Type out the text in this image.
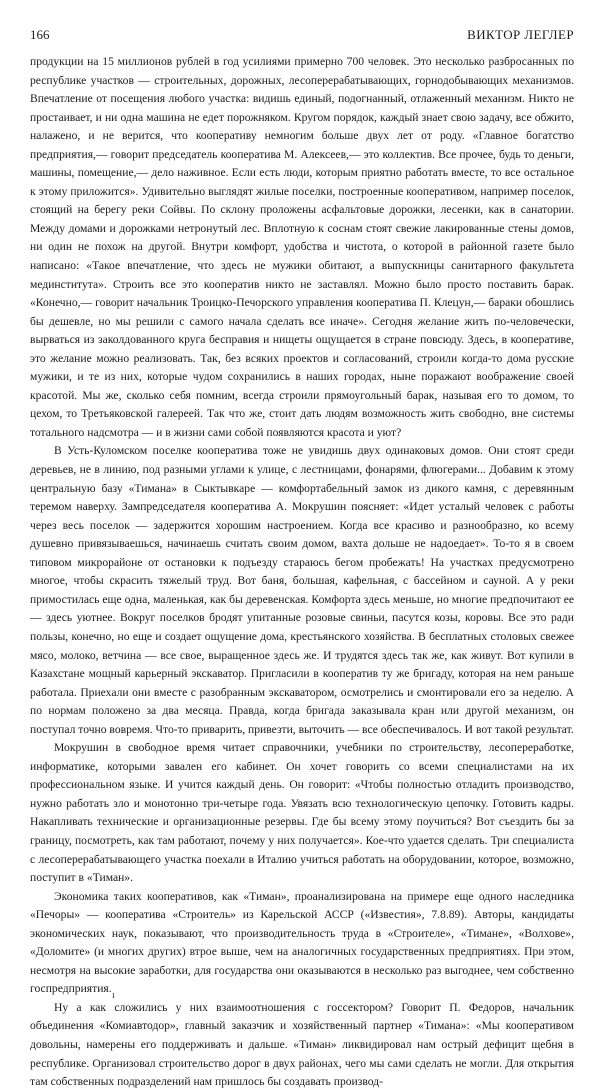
166	ВИКТОР ЛЕГЛЕР

продукции на 15 миллионов рублей в год усилиями примерно 700 человек. Это несколько разбросанных по республике участков — строительных, дорожных, лесоперерабатывающих, горнодобывающих механизмов. Впечатление от посещения любого участка: видишь единый, подогнанный, отлаженный механизм. Никто не простаивает, и ни одна машина не едет порожняком. Кругом порядок, каждый знает свою задачу, все обжито, налажено, и не верится, что кооперативу немногим больше двух лет от роду. «Главное богатство предприятия,— говорит председатель кооператива М. Алексеев,— это коллектив. Все прочее, будь то деньги, машины, помещение,— дело наживное. Если есть люди, которым приятно работать вместе, то все остальное к этому приложится». Удивительно выглядят жилые поселки, построенные кооперативом, например поселок, стоящий на берегу реки Сойвы. По склону проложены асфальтовые дорожки, лесенки, как в санатории. Между домами и дорожками нетронутый лес. Вплотную к соснам стоят свежие лакированные стены домов, ни один не похож на другой. Внутри комфорт, удобства и чистота, о которой в районной газете было написано: «Такое впечатление, что здесь не мужики обитают, а выпускницы санитарного факультета мединститута». Строить все это кооператив никто не заставлял. Можно было просто поставить барак. «Конечно,— говорит начальник Троицко-Печорского управления кооператива П. Клецун,— бараки обошлись бы дешевле, но мы решили с самого начала сделать все иначе». Сегодня желание жить по-человечески, вырваться из заколдованного круга бесправия и нищеты ощущается в стране повсюду. Здесь, в кооперативе, это желание можно реализовать. Так, без всяких проектов и согласований, строили когда-то дома русские мужики, и те из них, которые чудом сохранились в наших городах, ныне поражают воображение своей красотой. Мы же, сколько себя помним, всегда строили прямоугольный барак, называя его то домом, то цехом, то Третьяковской галереей. Так что же, стоит дать людям возможность жить свободно, вне системы тотального надсмотра — и в жизни сами собой появляются красота и уют?

В Усть-Куломском поселке кооператива тоже не увидишь двух одинаковых домов. Они стоят среди деревьев, не в линию, под разными углами к улице, с лестницами, фонарями, флюгерами... Добавим к этому центральную базу «Тимана» в Сыктывкаре — комфортабельный замок из дикого камня, с деревянным теремом наверху. Зампредседателя кооператива А. Мокрушин поясняет: «Идет усталый человек с работы через весь поселок — задержится хорошим настроением. Когда все красиво и разнообразно, ко всему душевно привязываешься, начинаешь считать своим домом, вахта дольше не надоедает». То-то я в своем типовом микрорайоне от остановки к подъезду стараюсь бегом пробежать! На участках предусмотрено многое, чтобы скрасить тяжелый труд. Вот баня, большая, кафельная, с бассейном и сауной. А у реки примостилась еще одна, маленькая, как бы деревенская. Комфорта здесь меньше, но многие предпочитают ее — здесь уютнее. Вокруг поселков бродят упитанные розовые свиньи, пасутся козы, коровы. Все это ради пользы, конечно, но еще и создает ощущение дома, крестьянского хозяйства. В бесплатных столовых свежее мясо, молоко, ветчина — все свое, выращенное здесь же. И трудятся здесь так же, как живут. Вот купили в Казахстане мощный карьерный экскаватор. Пригласили в кооператив ту же бригаду, которая на нем раньше работала. Приехали они вместе с разобранным экскаватором, осмотрелись и смонтировали его за неделю. А по нормам положено за два месяца. Правда, когда бригада заказывала кран или другой механизм, он поступал точно вовремя. Что-то приварить, привезти, выточить — все обеспечивалось. И вот такой результат.

Мокрушин в свободное время читает справочники, учебники по строительству, лесопереработке, информатике, которыми завален его кабинет. Он хочет говорить со всеми специалистами на их профессиональном языке. И учится каждый день. Он говорит: «Чтобы полностью отладить производство, нужно работать зло и монотонно три-четыре года. Увязать всю технологическую цепочку. Готовить кадры. Накапливать технические и организационные резервы. Где бы всему этому поучиться? Вот съездить бы за границу, посмотреть, как там работают, почему у них получается». Кое-что удается сделать. Три специалиста с лесоперерабатывающего участка поехали в Италию учиться работать на оборудовании, которое, возможно, поступит в «Тиман».

Экономика таких кооперативов, как «Тиман», проанализирована на примере еще одного наследника «Печоры» — кооператива «Строитель» из Карельской АССР («Известия», 7.8.89). Авторы, кандидаты экономических наук, показывают, что производительность труда в «Строителе», «Тимане», «Волхове», «Доломите» (и многих других) втрое выше, чем на аналогичных государственных предприятиях. При этом, несмотря на высокие заработки, для государства они оказываются в несколько раз выгоднее, чем собственно госпредприятия.

Ну а как сложились у них взаимоотношения с госсектором? Говорит П. Федоров, начальник объединения «Комиавтодор», главный заказчик и хозяйственный партнер «Тимана»: «Мы кооперативом довольны, намерены его поддерживать и дальше. «Тиман» ликвидировал нам острый дефицит щебня в республике. Организовал строительство дорог в двух районах, чего мы сами сделать не могли. Для открытия там собственных подразделений нам пришлось бы создавать производ-

ı
